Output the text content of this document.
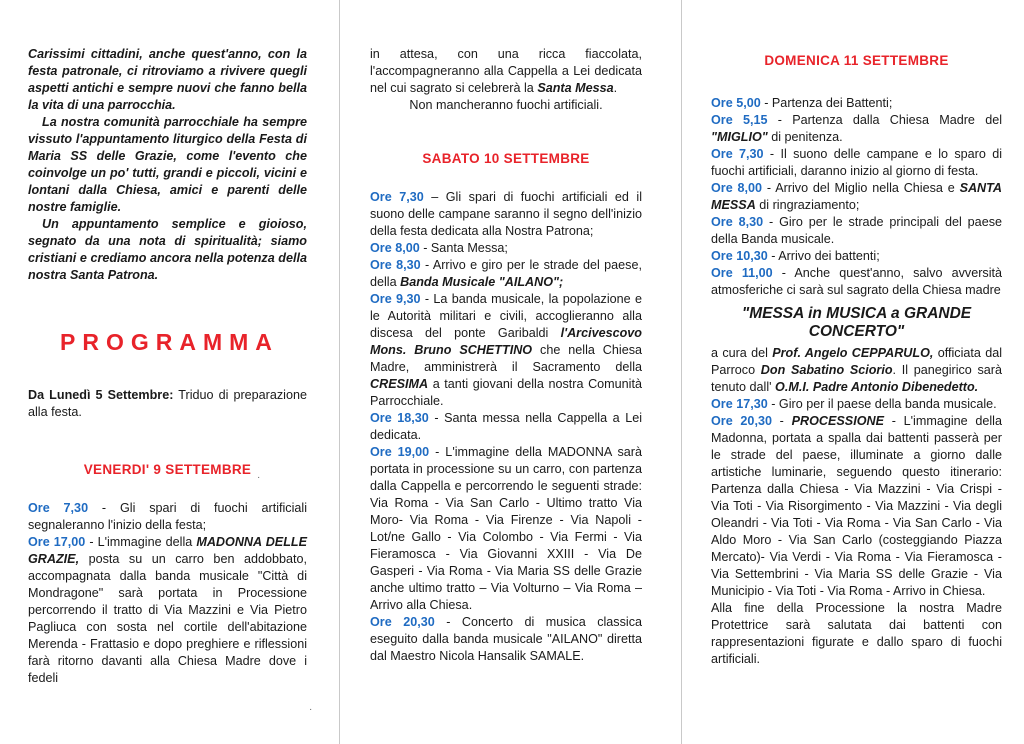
Carissimi cittadini, anche quest'anno, con la festa patronale, ci ritroviamo a rivivere quegli aspetti antichi e sempre nuovi che fanno bella la vita di una parrocchia.

La nostra comunità parrocchiale ha sempre vissuto l'appuntamento liturgico della Festa di Maria SS delle Grazie, come l'evento che coinvolge un po' tutti, grandi e piccoli, vicini e lontani dalla Chiesa, amici e parenti delle nostre famiglie.

Un appuntamento semplice e gioioso, segnato da una nota di spiritualità; siamo cristiani e crediamo ancora nella potenza della nostra Santa Patrona.

PROGRAMMA

Da Lunedì 5 Settembre: Triduo di preparazione alla festa.

VENERDI' 9 SETTEMBRE

Ore 7,30 - Gli spari di fuochi artificiali segnaleranno l'inizio della festa;

Ore 17,00 - L'immagine della MADONNA DELLE GRAZIE, posta su un carro ben addobbato, accompagnata dalla banda musicale "Città di Mondragone" sarà portata in Processione percorrendo il tratto di Via Mazzini e Via Pietro Pagliuca con sosta nel cortile dell'abitazione Merenda - Frattasio e dopo preghiere e riflessioni farà ritorno davanti alla Chiesa Madre dove i fedeli

in attesa, con una ricca fiaccolata, l'accompagneranno alla Cappella a Lei dedicata nel cui sagrato si celebrerà la Santa Messa.

Non mancheranno fuochi artificiali.

SABATO 10 SETTEMBRE

Ore 7,30 – Gli spari di fuochi artificiali ed il suono delle campane saranno il segno dell'inizio della festa dedicata alla Nostra Patrona;

Ore 8,00 - Santa Messa;

Ore 8,30 - Arrivo e giro per le strade del paese, della Banda Musicale "AILANO";

Ore 9,30 - La banda musicale, la popolazione e le Autorità militari e civili, accoglieranno alla discesa del ponte Garibaldi l'Arcivescovo Mons. Bruno SCHETTINO che nella Chiesa Madre, amministrerà il Sacramento della CRESIMA a tanti giovani della nostra Comunità Parrocchiale.

Ore 18,30 - Santa messa nella Cappella a Lei dedicata.

Ore 19,00 - L'immagine della MADONNA sarà portata in processione su un carro, con partenza dalla Cappella e percorrendo le seguenti strade: Via Roma - Via San Carlo - Ultimo tratto Via Moro- Via Roma - Via Firenze - Via Napoli - Lot/ne Gallo - Via Colombo - Via Fermi - Via Fieramosca - Via Giovanni XXIII - Via De Gasperi - Via Roma - Via Maria SS delle Grazie anche ultimo tratto – Via Volturno – Via Roma – Arrivo alla Chiesa.

Ore 20,30 - Concerto di musica classica eseguito dalla banda musicale "AILANO" diretta dal Maestro Nicola Hansalik SAMALE.

DOMENICA 11 SETTEMBRE

Ore 5,00 - Partenza dei Battenti;

Ore 5,15 - Partenza dalla Chiesa Madre del "MIGLIO" di penitenza.

Ore 7,30 - Il suono delle campane e lo sparo di fuochi artificiali, daranno inizio al giorno di festa.

Ore 8,00 - Arrivo del Miglio nella Chiesa e SANTA MESSA di ringraziamento;

Ore 8,30 - Giro per le strade principali del paese della Banda musicale.

Ore 10,30 - Arrivo dei battenti;

Ore 11,00 - Anche quest'anno, salvo avversità atmosferiche ci sarà sul sagrato della Chiesa madre

"MESSA in MUSICA a GRANDE CONCERTO"

a cura del Prof. Angelo CEPPARULO, officiata dal Parroco Don Sabatino Sciorio. Il panegirico sarà tenuto dall' O.M.I. Padre Antonio Dibenedetto.

Ore 17,30 - Giro per il paese della banda musicale.

Ore 20,30 - PROCESSIONE - L'immagine della Madonna, portata a spalla dai battenti passerà per le strade del paese, illuminate a giorno dalle artistiche luminarie, seguendo questo itinerario: Partenza dalla Chiesa - Via Mazzini - Via Crispi - Via Toti - Via Risorgimento - Via Mazzini - Via degli Oleandri - Via Toti - Via Roma - Via San Carlo - Via Aldo Moro - Via San Carlo (costeggiando Piazza Mercato)- Via Verdi - Via Roma - Via Fieramosca - Via Settembrini - Via Maria SS delle Grazie - Via Municipio - Via Toti - Via Roma - Arrivo in Chiesa.

Alla fine della Processione la nostra Madre Protettrice sarà salutata dai battenti con rappresentazioni figurate e dallo sparo di fuochi artificiali.

·
·
